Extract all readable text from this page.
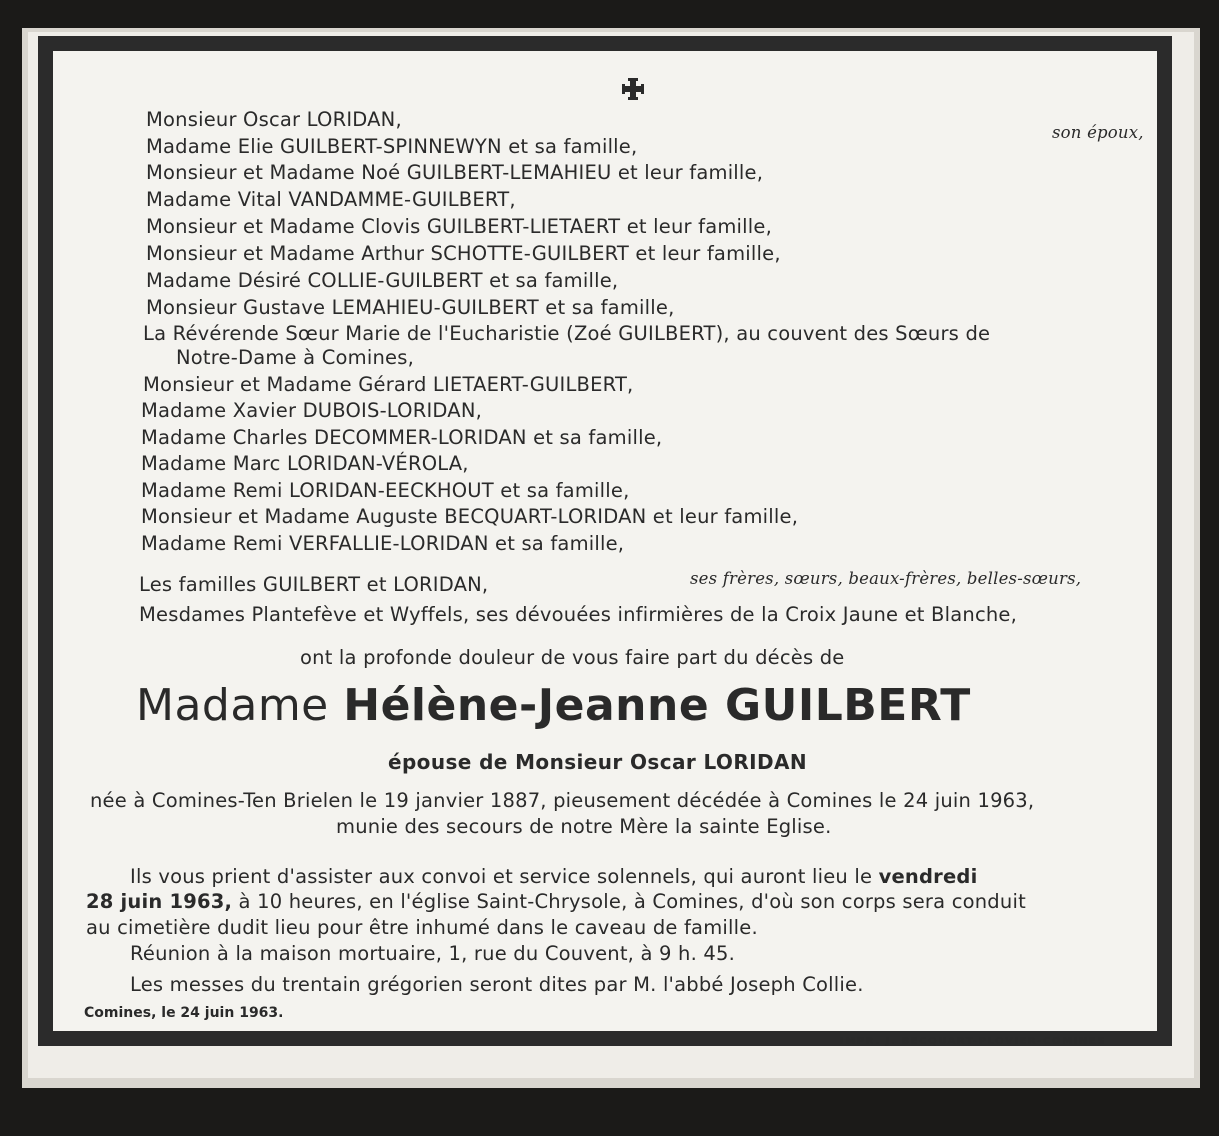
Monsieur Oscar LORIDAN,
son époux,
Madame Elie GUILBERT-SPINNEWYN et sa famille,
Monsieur et Madame Noé GUILBERT-LEMAHIEU et leur famille,
Madame Vital VANDAMME-GUILBERT,
Monsieur et Madame Clovis GUILBERT-LIETAERT et leur famille,
Monsieur et Madame Arthur SCHOTTE-GUILBERT et leur famille,
Madame Désiré COLLIE-GUILBERT et sa famille,
Monsieur Gustave LEMAHIEU-GUILBERT et sa famille,
La Révérende Sœur Marie de l'Eucharistie (Zoé GUILBERT), au couvent des Sœurs de
Notre-Dame à Comines,
Monsieur et Madame Gérard LIETAERT-GUILBERT,
Madame Xavier DUBOIS-LORIDAN,
Madame Charles DECOMMER-LORIDAN et sa famille,
Madame Marc LORIDAN-VÉROLA,
Madame Remi LORIDAN-EECKHOUT et sa famille,
Monsieur et Madame Auguste BECQUART-LORIDAN et leur famille,
Madame Remi VERFALLIE-LORIDAN et sa famille,
Les familles GUILBERT et LORIDAN,	ses frères, sœurs, beaux-frères, belles-sœurs,
Mesdames Plantefève et Wyffels, ses dévouées infirmières de la Croix Jaune et Blanche,
ont la profonde douleur de vous faire part du décès de
Madame Hélène-Jeanne GUILBERT
épouse de Monsieur Oscar LORIDAN
née à Comines-Ten Brielen le 19 janvier 1887, pieusement décédée à Comines le 24 juin 1963,
munie des secours de notre Mère la sainte Eglise.
Ils vous prient d'assister aux convoi et service solennels, qui auront lieu le vendredi
28 juin 1963, à 10 heures, en l'église Saint-Chrysole, à Comines, d'où son corps sera conduit
au cimetière dudit lieu pour être inhumé dans le caveau de famille.
Réunion à la maison mortuaire, 1, rue du Couvent, à 9 h. 45.
Les messes du trentain grégorien seront dites par M. l'abbé Joseph Collie.
Comines, le 24 juin 1963.
IMPR. J. BECQUART-PLOVIER-COMINES
